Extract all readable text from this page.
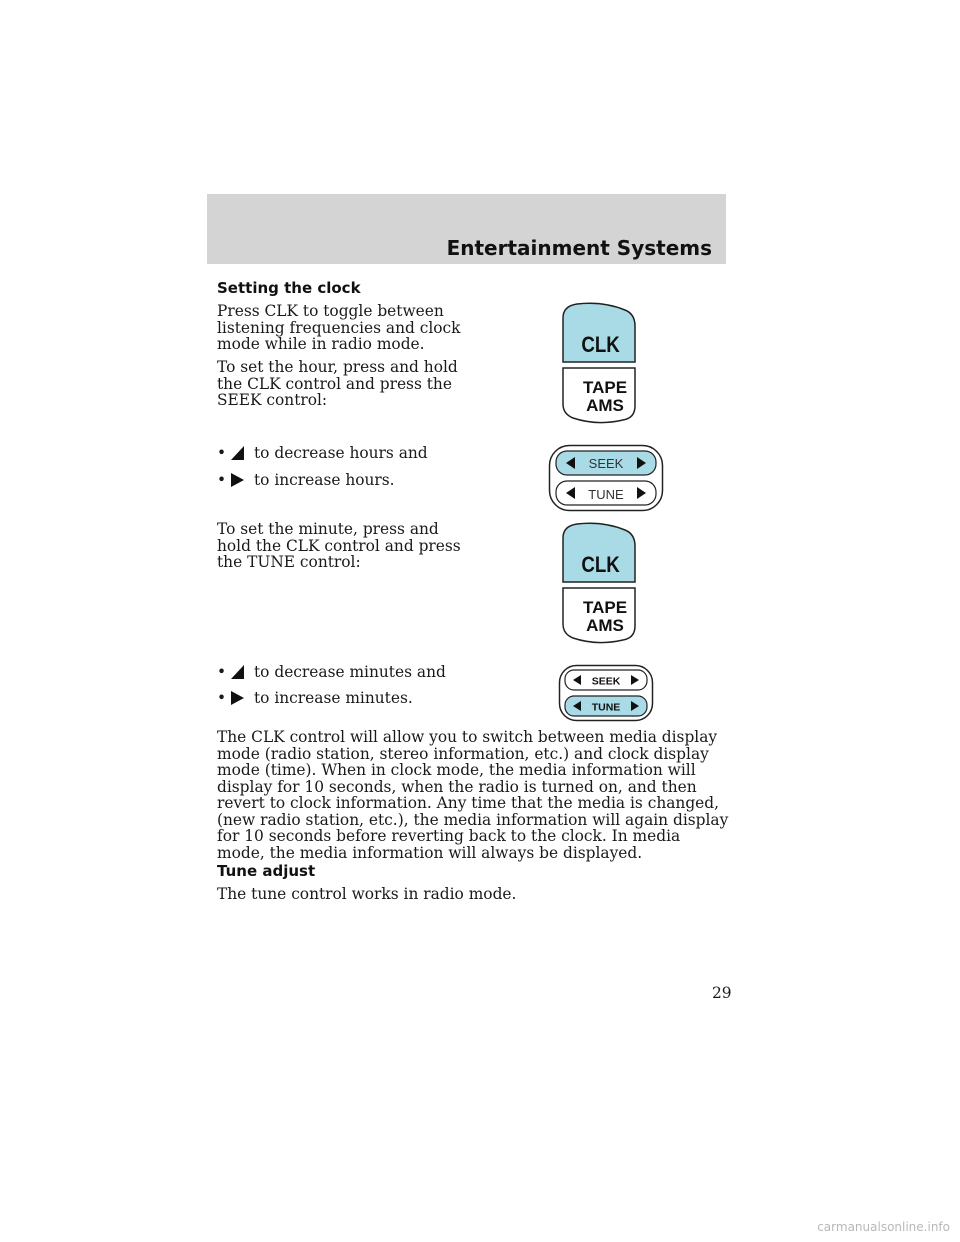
Entertainment Systems
Setting the clock

Press CLK to toggle between listening frequencies and clock mode while in radio mode.

To set the hour, press and hold the CLK control and press the SEEK control:

• to decrease hours and
• to increase hours.

To set the minute, press and hold the CLK control and press the TUNE control:

• to decrease minutes and
• to increase minutes.

The CLK control will allow you to switch between media display mode (radio station, stereo information, etc.) and clock display mode (time). When in clock mode, the media information will display for 10 seconds, when the radio is turned on, and then revert to clock information. Any time that the media is changed, (new radio station, etc.), the media information will again display for 10 seconds before reverting back to the clock. In media mode, the media information will always be displayed.

Tune adjust

The tune control works in radio mode.

CLK
TAPE
AMS
SEEK
TUNE
CLK
TAPE
AMS
SEEK
TUNE
29
carmanualsonline.info
